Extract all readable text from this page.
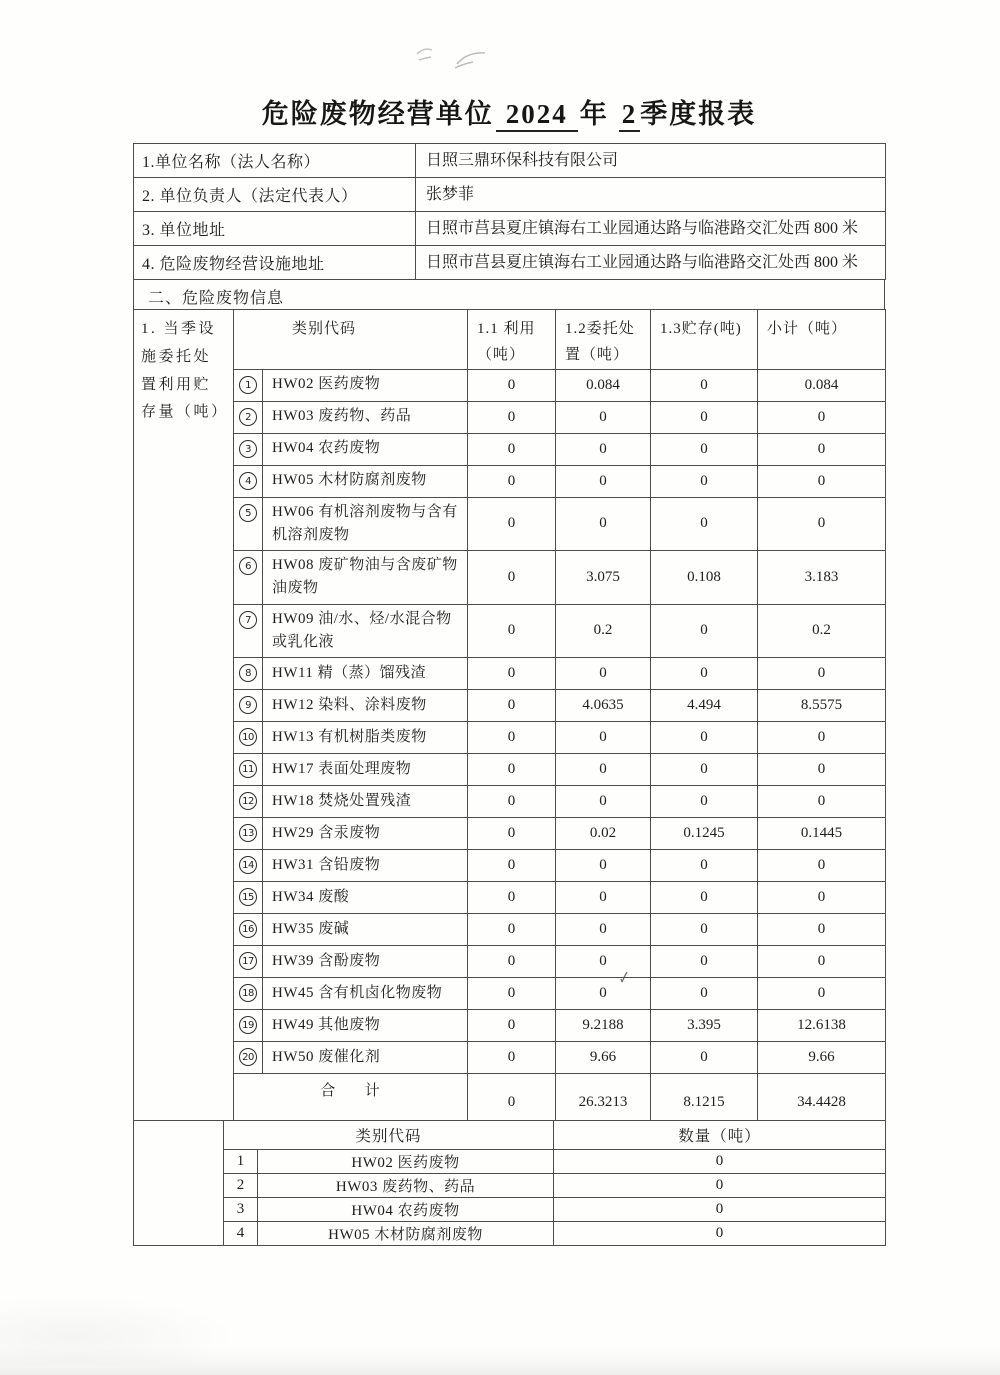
危险废物经营单位 2024 年 2 季度报表
1.单位名称（法人名称）	日照三鼎环保科技有限公司
2. 单位负责人（法定代表人）	张梦菲
3. 单位地址	日照市莒县夏庄镇海右工业园通达路与临港路交汇处西 800 米
4. 危险废物经营设施地址	日照市莒县夏庄镇海右工业园通达路与临港路交汇处西 800 米
二、危险废物信息
1. 当季设施委托处置利用贮存量（吨）	类别代码		1.1 利用（吨）	1.2委托处置（吨）	1.3贮存(吨)	小计（吨）
	1	HW02 医药废物	0	0.084	0	0.084
	2	HW03 废药物、药品	0	0	0	0
	3	HW04 农药废物	0	0	0	0
	4	HW05 木材防腐剂废物	0	0	0	0
	5	HW06 有机溶剂废物与含有机溶剂废物	0	0	0	0
	6	HW08 废矿物油与含废矿物油废物	0	3.075	0.108	3.183
	7	HW09 油/水、烃/水混合物或乳化液	0	0.2	0	0.2
	8	HW11 精（蒸）馏残渣	0	0	0	0
	9	HW12 染料、涂料废物	0	4.0635	4.494	8.5575
	10	HW13 有机树脂类废物	0	0	0	0
	11	HW17 表面处理废物	0	0	0	0
	12	HW18 焚烧处置残渣	0	0	0	0
	13	HW29 含汞废物	0	0.02	0.1245	0.1445
	14	HW31 含铅废物	0	0	0	0
	15	HW34 废酸	0	0	0	0
	16	HW35 废碱	0	0	0	0
	17	HW39 含酚废物	0	0	0	0
	18	HW45 含有机卤化物废物	0	0	0	0
	19	HW49 其他废物	0	9.2188	3.395	12.6138
	20	HW50 废催化剂	0	9.66	0	9.66
	合      计		0	26.3213	8.1215	34.4428
	类别代码		数量（吨）
	1	HW02 医药废物	0
	2	HW03 废药物、药品	0
	3	HW04 农药废物	0
	4	HW05 木材防腐剂废物	0
